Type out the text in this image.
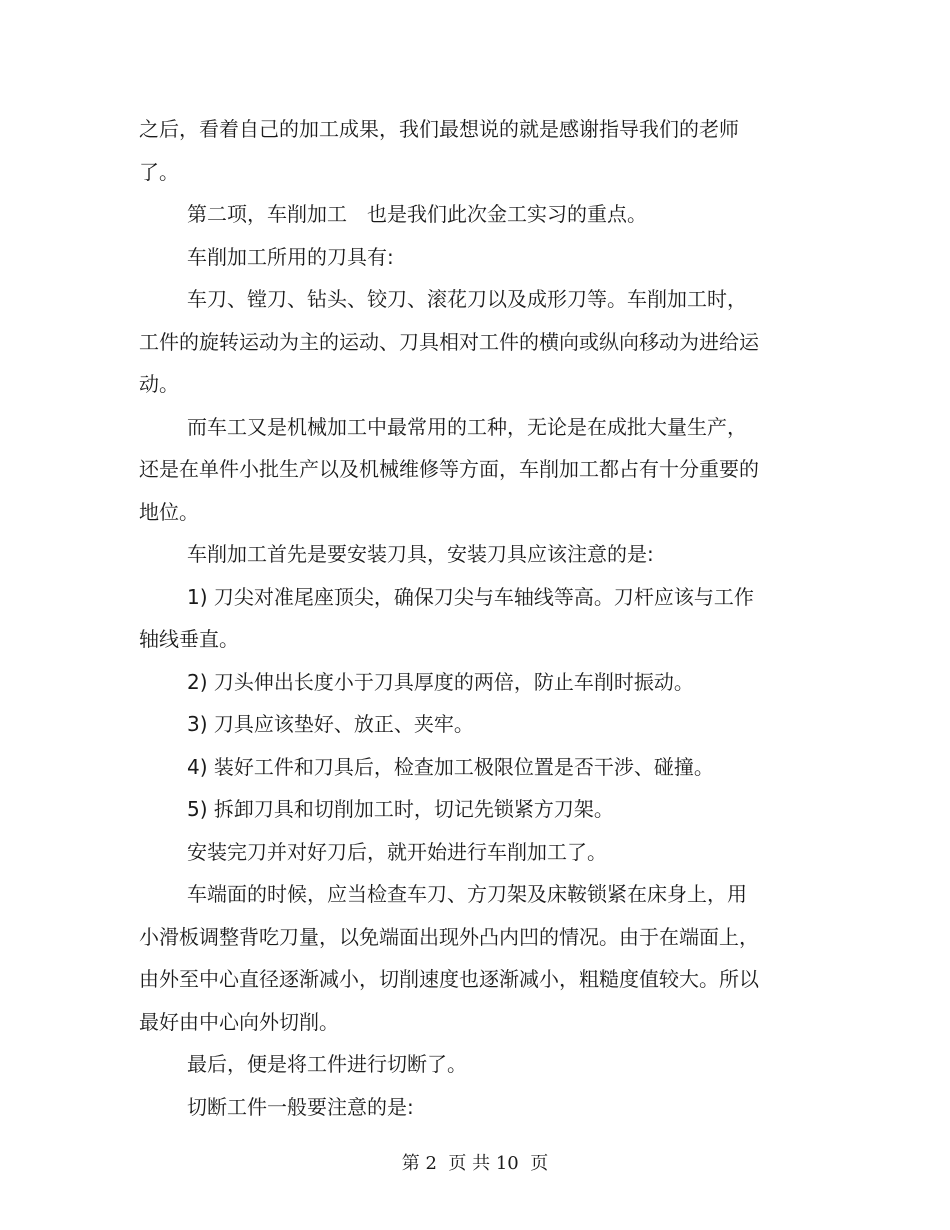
之后，看着自己的加工成果，我们最想说的就是感谢指导我们的老师了。

第二项，车削加工　也是我们此次金工实习的重点。

车削加工所用的刀具有:

车刀、镗刀、钻头、铰刀、滚花刀以及成形刀等。车削加工时，工件的旋转运动为主的运动、刀具相对工件的横向或纵向移动为进给运动。

而车工又是机械加工中最常用的工种，无论是在成批大量生产，还是在单件小批生产以及机械维修等方面，车削加工都占有十分重要的地位。

车削加工首先是要安装刀具，安装刀具应该注意的是:

1) 刀尖对准尾座顶尖，确保刀尖与车轴线等高。刀杆应该与工作轴线垂直。

2) 刀头伸出长度小于刀具厚度的两倍，防止车削时振动。

3) 刀具应该垫好、放正、夹牢。

4) 装好工件和刀具后，检查加工极限位置是否干涉、碰撞。

5) 拆卸刀具和切削加工时，切记先锁紧方刀架。

安装完刀并对好刀后，就开始进行车削加工了。

车端面的时候，应当检查车刀、方刀架及床鞍锁紧在床身上，用小滑板调整背吃刀量，以免端面出现外凸内凹的情况。由于在端面上，由外至中心直径逐渐减小，切削速度也逐渐减小，粗糙度值较大。所以最好由中心向外切削。

最后，便是将工件进行切断了。

切断工件一般要注意的是:

第 2  页 共 10  页
